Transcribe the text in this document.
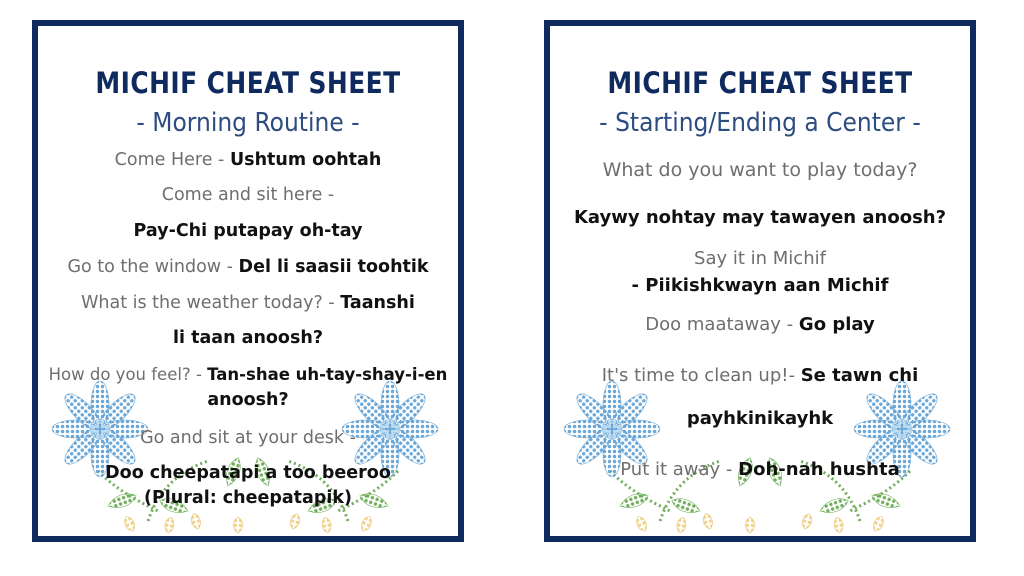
MICHIF CHEAT SHEET
- Morning Routine -
Come Here - Ushtum oohtah
Come and sit here -
Pay-Chi putapay oh-tay
Go to the window - Del li saasii toohtik
What is the weather today? - Taanshi
li taan anoosh?
How do you feel? - Tan-shae uh-tay-shay-i-en
anoosh?
Go and sit at your desk -
Doo cheepatapi a too beeroo
(Plural: cheepatapik)
MICHIF CHEAT SHEET
- Starting/Ending a Center -
What do you want to play today?
Kaywy nohtay may tawayen anoosh?
Say it in Michif
- Piikishkwayn aan Michif
Doo maataway - Go play
It's time to clean up!- Se tawn chi
payhkinikayhk
Put it away - Doh-nah hushta
